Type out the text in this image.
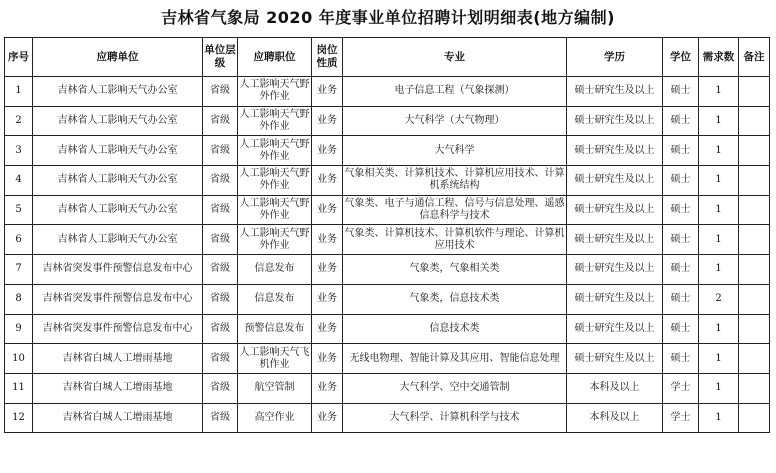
吉林省气象局 2020 年度事业单位招聘计划明细表(地方编制)
序号	应聘单位	单位层级	应聘职位	岗位性质	专业	学历	学位	需求数	备注
1	吉林省人工影响天气办公室	省级	人工影响天气野外作业	业务	电子信息工程（气象探测）	硕士研究生及以上	硕士	1	
2	吉林省人工影响天气办公室	省级	人工影响天气野外作业	业务	大气科学（大气物理）	硕士研究生及以上	硕士	1	
3	吉林省人工影响天气办公室	省级	人工影响天气野外作业	业务	大气科学	硕士研究生及以上	硕士	1	
4	吉林省人工影响天气办公室	省级	人工影响天气野外作业	业务	气象相关类、计算机技术、计算机应用技术、计算机系统结构	硕士研究生及以上	硕士	1	
5	吉林省人工影响天气办公室	省级	人工影响天气野外作业	业务	气象类、电子与通信工程、信号与信息处理、遥感信息科学与技术	硕士研究生及以上	硕士	1	
6	吉林省人工影响天气办公室	省级	人工影响天气野外作业	业务	气象类、计算机技术、计算机软件与理论、计算机应用技术	硕士研究生及以上	硕士	1	
7	吉林省突发事件预警信息发布中心	省级	信息发布	业务	气象类，气象相关类	硕士研究生及以上	硕士	1	
8	吉林省突发事件预警信息发布中心	省级	信息发布	业务	气象类，信息技术类	硕士研究生及以上	硕士	2	
9	吉林省突发事件预警信息发布中心	省级	预警信息发布	业务	信息技术类	硕士研究生及以上	硕士	1	
10	吉林省白城人工增雨基地	省级	人工影响天气飞机作业	业务	无线电物理、智能计算及其应用、智能信息处理	硕士研究生及以上	硕士	1	
11	吉林省白城人工增雨基地	省级	航空管制	业务	大气科学、空中交通管制	本科及以上	学士	1	
12	吉林省白城人工增雨基地	省级	高空作业	业务	大气科学、计算机科学与技术	本科及以上	学士	1	
